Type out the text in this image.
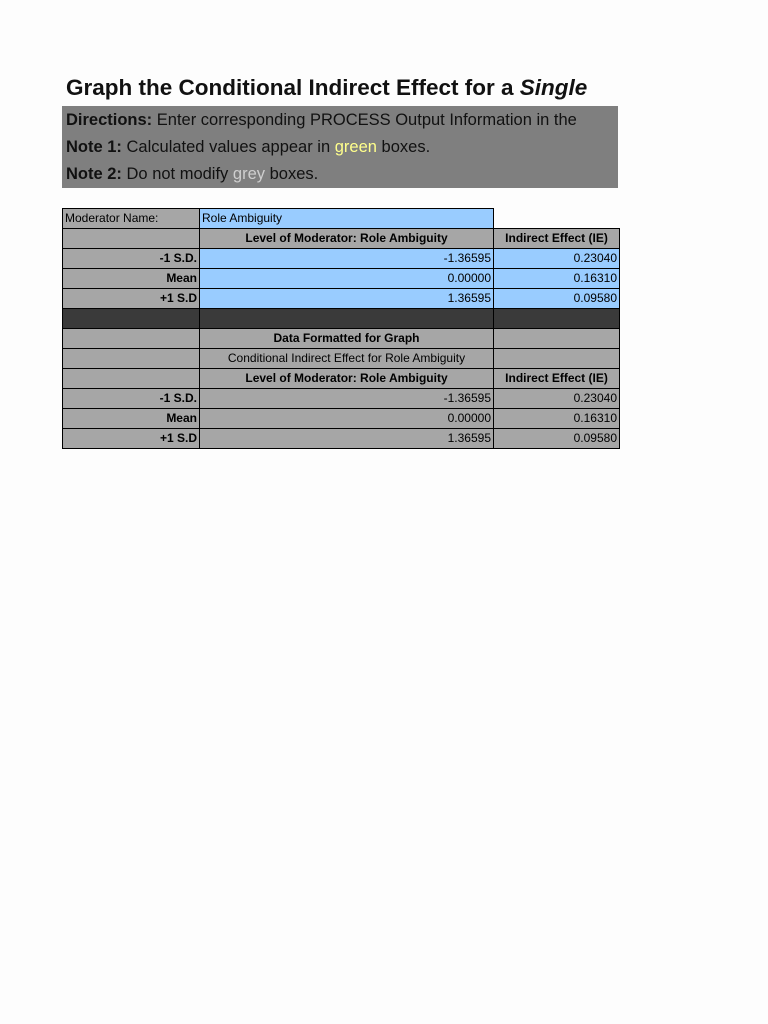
Graph the Conditional Indirect Effect for a Single
Directions: Enter corresponding PROCESS Output Information in the
Note 1: Calculated values appear in green boxes.
Note 2: Do not modify grey boxes.
Moderator Name:	Role Ambiguity	
	Level of Moderator: Role Ambiguity	Indirect Effect (IE)
-1 S.D.	-1.36595	0.23040
Mean	0.00000	0.16310
+1 S.D	1.36595	0.09580

	Data Formatted for Graph	
	Conditional Indirect Effect for Role Ambiguity	
	Level of Moderator: Role Ambiguity	Indirect Effect (IE)
-1 S.D.	-1.36595	0.23040
Mean	0.00000	0.16310
+1 S.D	1.36595	0.09580
